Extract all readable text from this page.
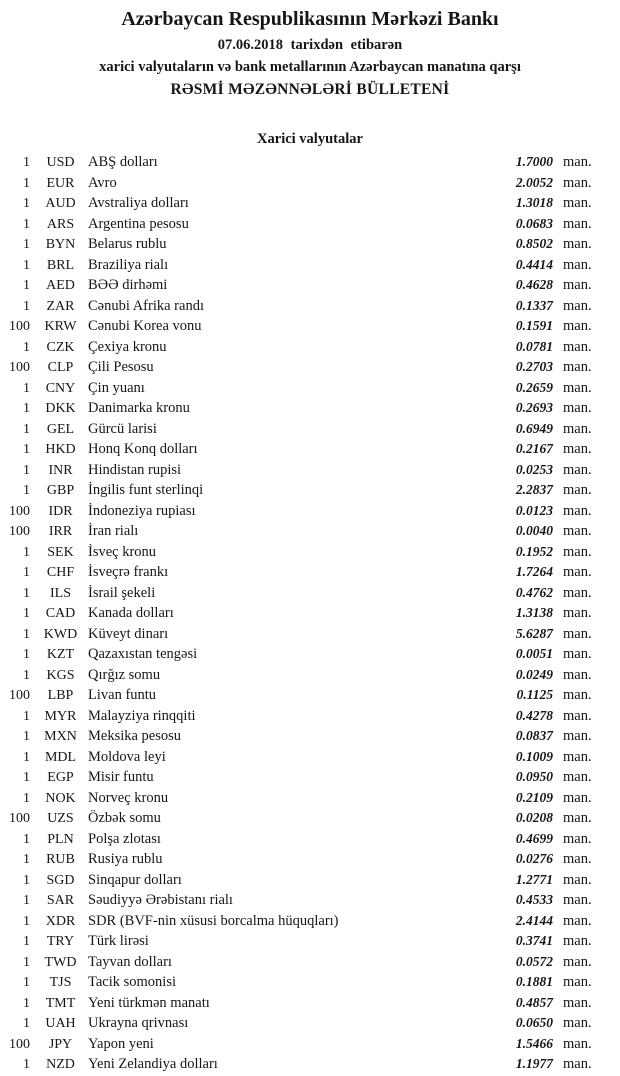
Azərbaycan Respublikasının Mərkəzi Bankı
07.06.2018 tarixdən etibarən
xarici valyutaların və bank metallarının Azərbaycan manatına qarşı
RƏSMİ MƏZƏNNƏLƏRİ BÜLLETENİ
Xarici valyutalar
1	USD ABŞ dolları	1.7000 man.
1	EUR Avro	2.0052 man.
1	AUD Avstraliya dolları	1.3018 man.
1	ARS Argentina pesosu	0.0683 man.
1	BYN Belarus rublu	0.8502 man.
1	BRL Braziliya rialı	0.4414 man.
1	AED BƏƏ dirhəmi	0.4628 man.
1	ZAR Cənubi Afrika randı	0.1337 man.
100	KRW Cənubi Korea vonu	0.1591 man.
1	CZK Çexiya kronu	0.0781 man.
100	CLP	Çili Pesosu	0.2703 man.
1	CNY Çin yuanı	0.2659 man.
1	DKK Danimarka kronu	0.2693 man.
1	GEL Gürcü larisi	0.6949 man.
1	HKD Honq Konq dolları	0.2167 man.
1	INR	Hindistan rupisi	0.0253 man.
1	GBP İngilis funt sterlinqi	2.2837 man.
100	IDR	İndoneziya rupiası	0.0123 man.
100	IRR	İran rialı	0.0040 man.
1	SEK İsveç kronu	0.1952 man.
1	CHF İsveçrə frankı	1.7264 man.
1	ILS	İsrail şekeli	0.4762 man.
1	CAD Kanada dolları	1.3138 man.
1 KWD Küveyt dinarı	5.6287 man.
1	KZT Qazaxıstan tengəsi	0.0051 man.
1	KGS Qırğız somu	0.0249 man.
100	LBP	Livan funtu	0.1125 man.
1	MYR Malayziya rinqqiti	0.4278 man.
1	MXN Meksika pesosu	0.0837 man.
1	MDL Moldova leyi	0.1009 man.
1	EGP Misir funtu	0.0950 man.
1	NOK Norveç kronu	0.2109 man.
100	UZS Özbək somu	0.0208 man.
1	PLN Polşa zlotası	0.4699 man.
1	RUB Rusiya rublu	0.0276 man.
1	SGD Sinqapur dolları	1.2771 man.
1	SAR Səudiyyə Ərəbistanı rialı	0.4533 man.
1	XDR SDR (BVF-nin xüsusi borcalma hüquqları)	2.4144 man.
1	TRY Türk lirəsi	0.3741 man.
1	TWD Tayvan dolları	0.0572 man.
1	TJS	Tacik somonisi	0.1881 man.
1	TMT Yeni türkmən manatı	0.4857 man.
1	UAH Ukrayna qrivnası	0.0650 man.
100	JPY	Yapon yeni	1.5466 man.
1	NZD Yeni Zelandiya dolları	1.1977 man.
